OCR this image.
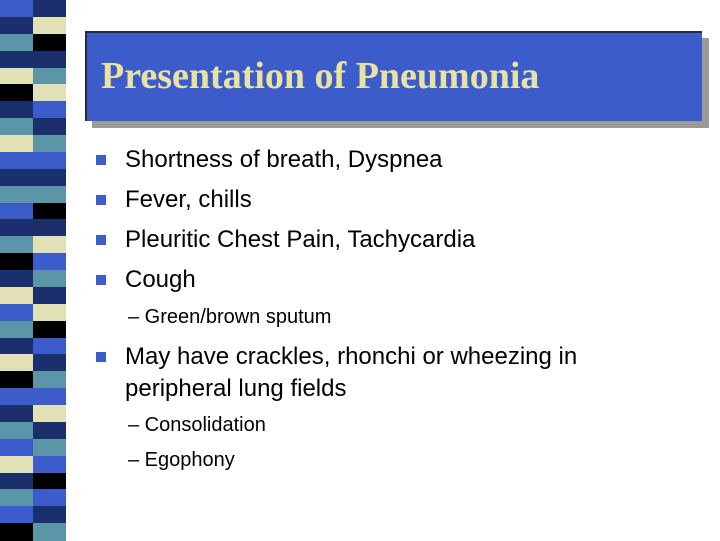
Presentation of Pneumonia
Shortness of breath, Dyspnea
Fever, chills
Pleuritic Chest Pain, Tachycardia
Cough
– Green/brown sputum
May have crackles, rhonchi or wheezing in
peripheral lung fields
– Consolidation
– Egophony
